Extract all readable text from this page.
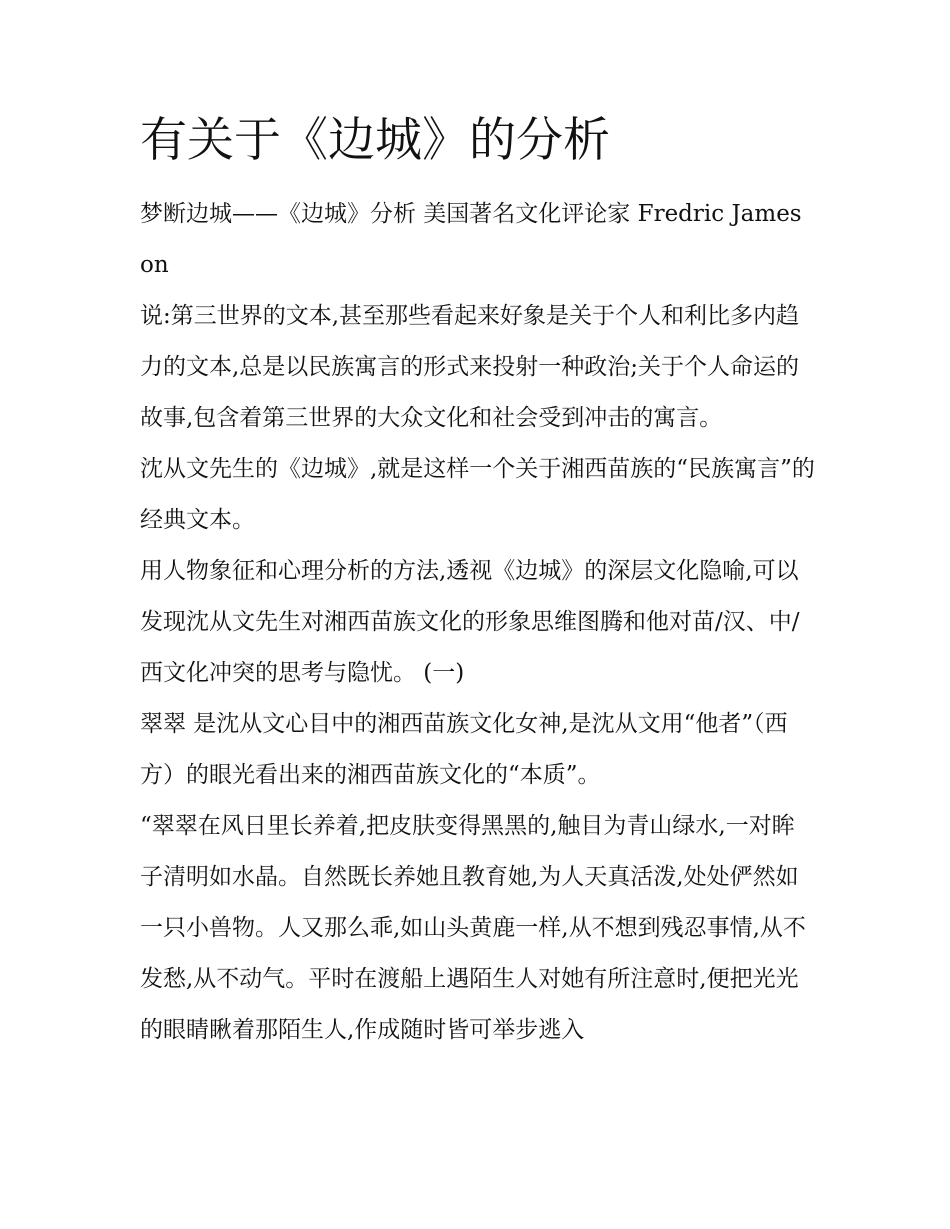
有关于《边城》的分析

梦断边城——《边城》分析 美国著名文化评论家 Fredric Jameson

说:第三世界的文本,甚至那些看起来好象是关于个人和利比多内趋力的文本,总是以民族寓言的形式来投射一种政治;关于个人命运的故事,包含着第三世界的大众文化和社会受到冲击的寓言。

沈从文先生的《边城》,就是这样一个关于湘西苗族的“民族寓言”的经典文本。

用人物象征和心理分析的方法,透视《边城》的深层文化隐喻,可以发现沈从文先生对湘西苗族文化的形象思维图腾和他对苗/汉、中/西文化冲突的思考与隐忧。 (一)

翠翠 是沈从文心目中的湘西苗族文化女神,是沈从文用“他者”（西方）的眼光看出来的湘西苗族文化的“本质”。

“翠翠在风日里长养着,把皮肤变得黑黑的,触目为青山绿水,一对眸子清明如水晶。自然既长养她且教育她,为人天真活泼,处处俨然如一只小兽物。人又那么乖,如山头黄鹿一样,从不想到残忍事情,从不发愁,从不动气。平时在渡船上遇陌生人对她有所注意时,便把光光的眼睛瞅着那陌生人,作成随时皆可举步逃入
